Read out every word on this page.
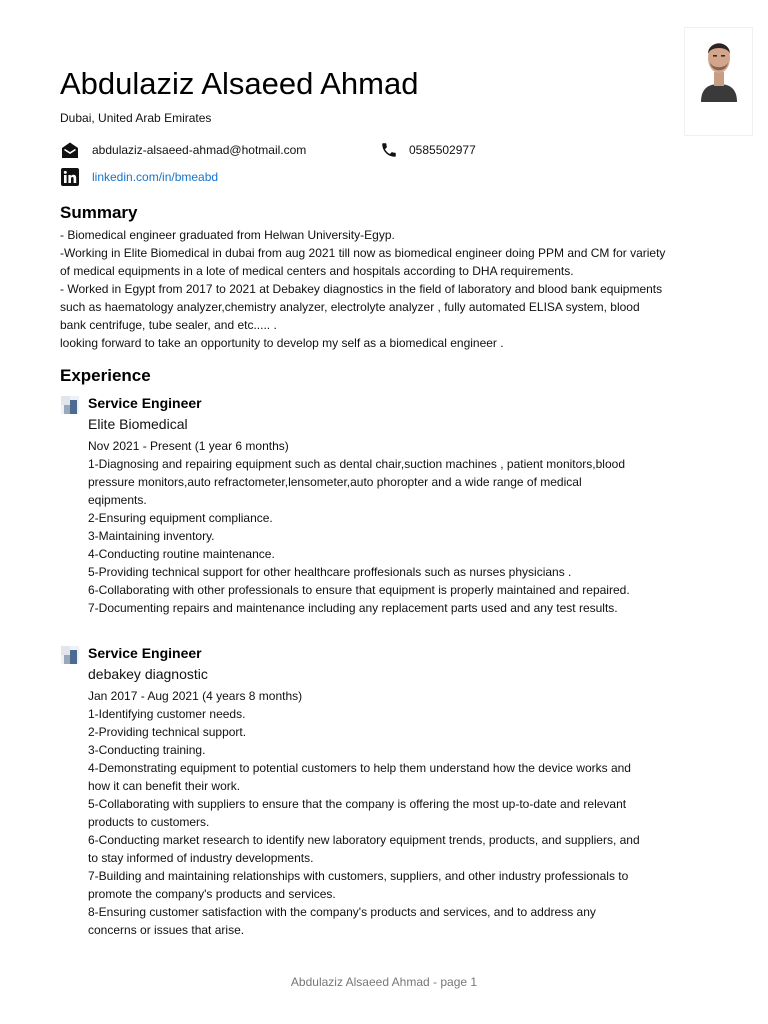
Abdulaziz Alsaeed Ahmad
Dubai, United Arab Emirates
abdulaziz-alsaeed-ahmad@hotmail.com	0585502977
linkedin.com/in/bmeabd
Summary
- Biomedical engineer graduated from Helwan University-Egyp.
-Working in Elite Biomedical in dubai from aug 2021 till now as biomedical engineer doing PPM and CM for variety
of medical equipments in a lote of medical centers and hospitals according to DHA requirements.
- Worked in Egypt from 2017 to 2021 at Debakey diagnostics in the field of laboratory and blood bank equipments
such as haematology analyzer,chemistry analyzer, electrolyte analyzer , fully automated ELISA system, blood
bank centrifuge, tube sealer, and etc..... .
looking forward to take an opportunity to develop my self as a biomedical engineer .
Experience
Service Engineer
Elite Biomedical
Nov 2021 - Present (1 year 6 months)
1-Diagnosing and repairing equipment such as dental chair,suction machines , patient monitors,blood
pressure monitors,auto refractometer,lensometer,auto phoropter and a wide range of medical
eqipments.
2-Ensuring equipment compliance.
3-Maintaining inventory.
4-Conducting routine maintenance.
5-Providing technical support for other healthcare proffesionals such as nurses physicians .
6-Collaborating with other professionals to ensure that equipment is properly maintained and repaired.
7-Documenting repairs and maintenance including any replacement parts used and any test results.
Service Engineer
debakey diagnostic
Jan 2017 - Aug 2021 (4 years 8 months)
1-Identifying customer needs.
2-Providing technical support.
3-Conducting training.
4-Demonstrating equipment to potential customers to help them understand how the device works and
how it can benefit their work.
5-Collaborating with suppliers to ensure that the company is offering the most up-to-date and relevant
products to customers.
6-Conducting market research to identify new laboratory equipment trends, products, and suppliers, and
to stay informed of industry developments.
7-Building and maintaining relationships with customers, suppliers, and other industry professionals to
promote the company's products and services.
8-Ensuring customer satisfaction with the company's products and services, and to address any
concerns or issues that arise.
Abdulaziz Alsaeed Ahmad - page 1
